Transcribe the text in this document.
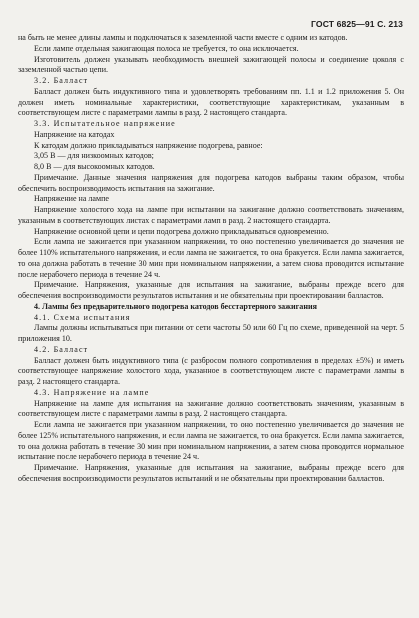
ГОСТ 6825—91 С. 213

на быть не менее длины лампы и подключаться к заземленной части вместе с одним из катодов.

Если лампе отдельная зажигающая полоса не требуется, то она исключается.

Изготовитель должен указывать необходимость внешней зажигающей полосы и соединение цоколя с заземленной частью цепи.

3.2. Балласт

Балласт должен быть индуктивного типа и удовлетворять требованиям пп. 1.1 и 1.2 приложения 5. Он должен иметь номинальные характеристики, соответствующие характеристикам, указанным в соответствующем листе с параметрами лампы в разд. 2 настоящего стандарта.

3.3. Испытательное напряжение

Напряжение на катодах

К катодам должно прикладываться напряжение подогрева, равное:

3,05 В — для низкоомных катодов;

8,0 В — для высокоомных катодов.

Примечание. Данные значения напряжения для подогрева катодов выбраны таким образом, чтобы обеспечить воспроизводимость испытания на зажигание.

Напряжение на лампе

Напряжение холостого хода на лампе при испытании на зажигание должно соответствовать значениям, указанным в соответствующих листах с параметрами ламп в разд. 2 настоящего стандарта.

Напряжение основной цепи и цепи подогрева должно прикладываться одновременно.

Если лампа не зажигается при указанном напряжении, то оно постепенно увеличивается до значения не более 110% испытательного напряжения, и если лампа не зажигается, то она бракуется. Если лампа зажигается, то она должна работать в течение 30 мин при номинальном напряжении, а затем снова проводится испытание после нерабочего периода в течение 24 ч.

Примечание. Напряжения, указанные для испытания на зажигание, выбраны прежде всего для обеспечения воспроизводимости результатов испытания и не обязательны при проектировании балластов.

4. Лампы без предварительного подогрева катодов бесстартерного зажигания

4.1. Схема испытания

Лампы должны испытываться при питании от сети частоты 50 или 60 Гц по схеме, приведенной на черт. 5 приложения 10.

4.2. Балласт

Балласт должен быть индуктивного типа (с разбросом полного сопротивления в пределах ±5%) и иметь соответствующее напряжение холостого хода, указанное в соответствующем листе с параметрами лампы в разд. 2 настоящего стандарта.

4.3. Напряжение на лампе

Напряжение на лампе для испытания на зажигание должно соответствовать значениям, указанным в соответствующем листе с параметрами лампы в разд. 2 настоящего стандарта.

Если лампа не зажигается при указанном напряжении, то оно постепенно увеличивается до значения не более 125% испытательного напряжения, и если лампа не зажигается, то она бракуется. Если лампа зажигается, то она должна работать в течение 30 мин при номинальном напряжении, а затем снова проводится нормальное испытание после нерабочего периода в течение 24 ч.

Примечание. Напряжения, указанные для испытания на зажигание, выбраны прежде всего для обеспечения воспроизводимости результатов испытаний и не обязательны при проектировании балластов.
